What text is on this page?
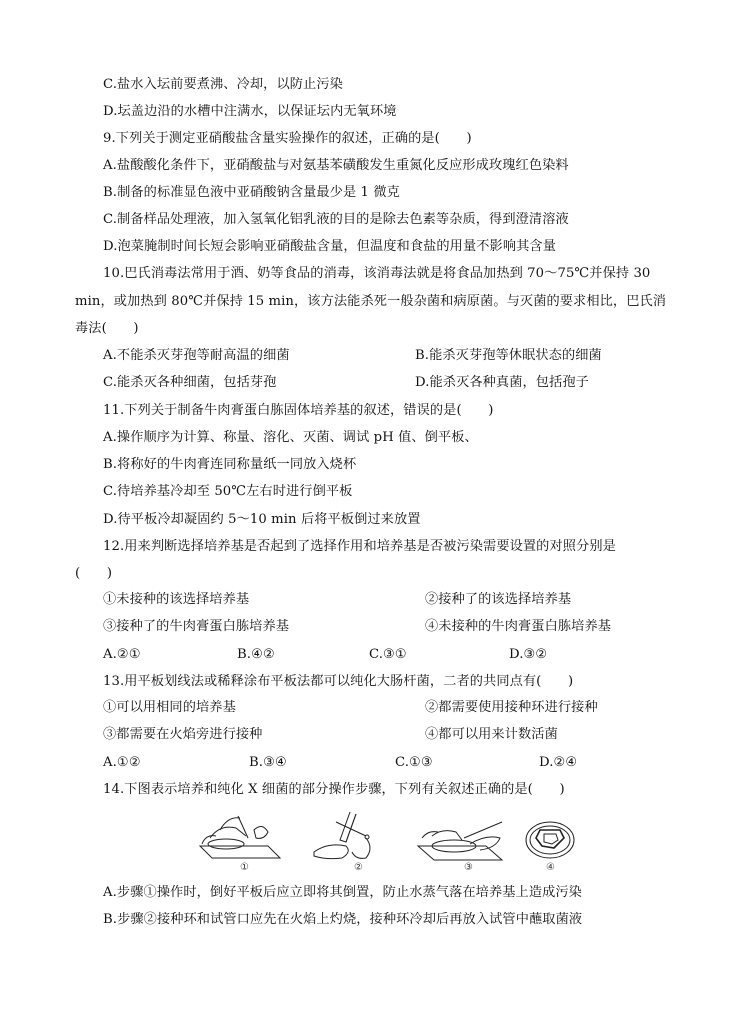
C.盐水入坛前要煮沸、冷却，以防止污染
D.坛盖边沿的水槽中注满水，以保证坛内无氧环境
9.下列关于测定亚硝酸盐含量实验操作的叙述，正确的是(　　)
A.盐酸酸化条件下，亚硝酸盐与对氨基苯磺酸发生重氮化反应形成玫瑰红色染料
B.制备的标准显色液中亚硝酸钠含量最少是 1 微克
C.制备样品处理液，加入氢氧化铝乳液的目的是除去色素等杂质，得到澄清溶液
D.泡菜腌制时间长短会影响亚硝酸盐含量，但温度和食盐的用量不影响其含量
10.巴氏消毒法常用于酒、奶等食品的消毒，该消毒法就是将食品加热到 70～75℃并保持 30
min，或加热到 80℃并保持 15 min，该方法能杀死一般杂菌和病原菌。与灭菌的要求相比，巴氏消
毒法(　　)
A.不能杀灭芽孢等耐高温的细菌	B.能杀灭芽孢等休眠状态的细菌
C.能杀灭各种细菌，包括芽孢	D.能杀灭各种真菌，包括孢子
11.下列关于制备牛肉膏蛋白胨固体培养基的叙述，错误的是(　　)
A.操作顺序为计算、称量、溶化、灭菌、调试 pH 值、倒平板、
B.将称好的牛肉膏连同称量纸一同放入烧杯
C.待培养基冷却至 50℃左右时进行倒平板
D.待平板冷却凝固约 5～10 min 后将平板倒过来放置
12.用来判断选择培养基是否起到了选择作用和培养基是否被污染需要设置的对照分别是
(　　)
①未接种的该选择培养基	②接种了的该选择培养基
③接种了的牛肉膏蛋白胨培养基	④未接种的牛肉膏蛋白胨培养基
A.②①	B.④②	C.③①	D.③②
13.用平板划线法或稀释涂布平板法都可以纯化大肠杆菌，二者的共同点有(　　)
①可以用相同的培养基	②都需要使用接种环进行接种
③都需要在火焰旁进行接种	④都可以用来计数活菌
A.①②	B.③④	C.①③	D.②④
14.下图表示培养和纯化 X 细菌的部分操作步骤，下列有关叙述正确的是(　　)
①	②	③	④
A.步骤①操作时，倒好平板后应立即将其倒置，防止水蒸气落在培养基上造成污染
B.步骤②接种环和试管口应先在火焰上灼烧，接种环冷却后再放入试管中蘸取菌液
